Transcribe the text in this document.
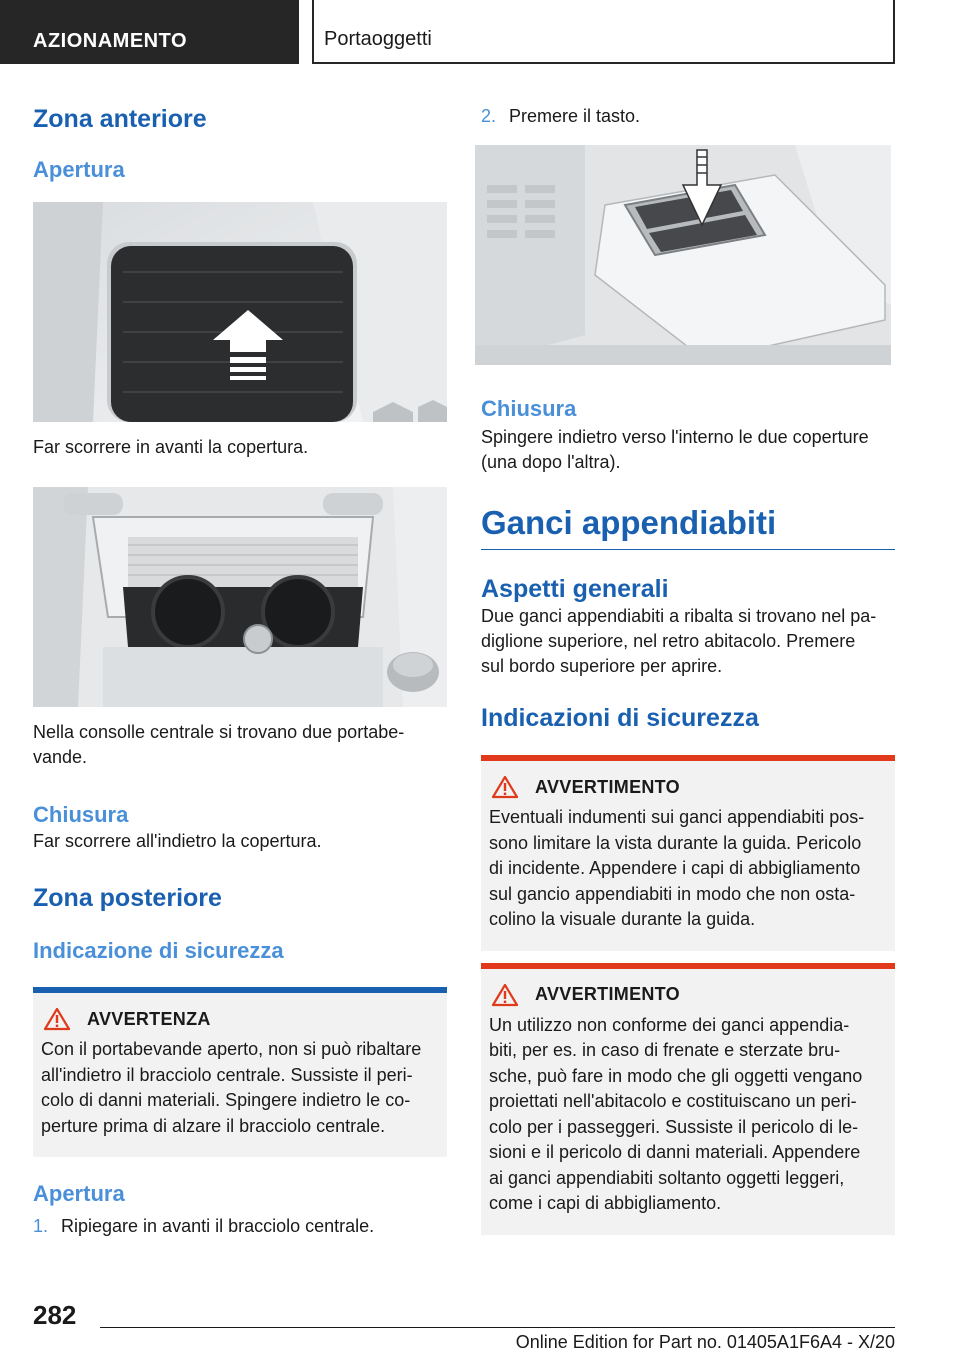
AZIONAMENTO	Portaoggetti
Zona anteriore
Apertura

Far scorrere in avanti la copertura.

Nella consolle centrale si trovano due portabe-
vande.

Chiusura

Far scorrere all'indietro la copertura.

Zona posteriore
Indicazione di sicurezza
AVVERTENZA

Con il portabevande aperto, non si può ribaltare
all'indietro il bracciolo centrale. Sussiste il peri-
colo di danni materiali. Spingere indietro le co-
perture prima di alzare il bracciolo centrale.

Apertura
1. Ripiegare in avanti il bracciolo centrale.
2. Premere il tasto.
Chiusura

Spingere indietro verso l'interno le due coperture
(una dopo l'altra).

Ganci appendiabiti
Aspetti generali

Due ganci appendiabiti a ribalta si trovano nel pa-
diglione superiore, nel retro abitacolo. Premere
sul bordo superiore per aprire.

Indicazioni di sicurezza
AVVERTIMENTO

Eventuali indumenti sui ganci appendiabiti pos-
sono limitare la vista durante la guida. Pericolo
di incidente. Appendere i capi di abbigliamento
sul gancio appendiabiti in modo che non osta-
colino la visuale durante la guida.

AVVERTIMENTO

Un utilizzo non conforme dei ganci appendia-
biti, per es. in caso di frenate e sterzate bru-
sche, può fare in modo che gli oggetti vengano
proiettati nell'abitacolo e costituiscano un peri-
colo per i passeggeri. Sussiste il pericolo di le-
sioni e il pericolo di danni materiali. Appendere
ai ganci appendiabiti soltanto oggetti leggeri,
come i capi di abbigliamento.

282
Online Edition for Part no. 01405A1F6A4 - X/20
